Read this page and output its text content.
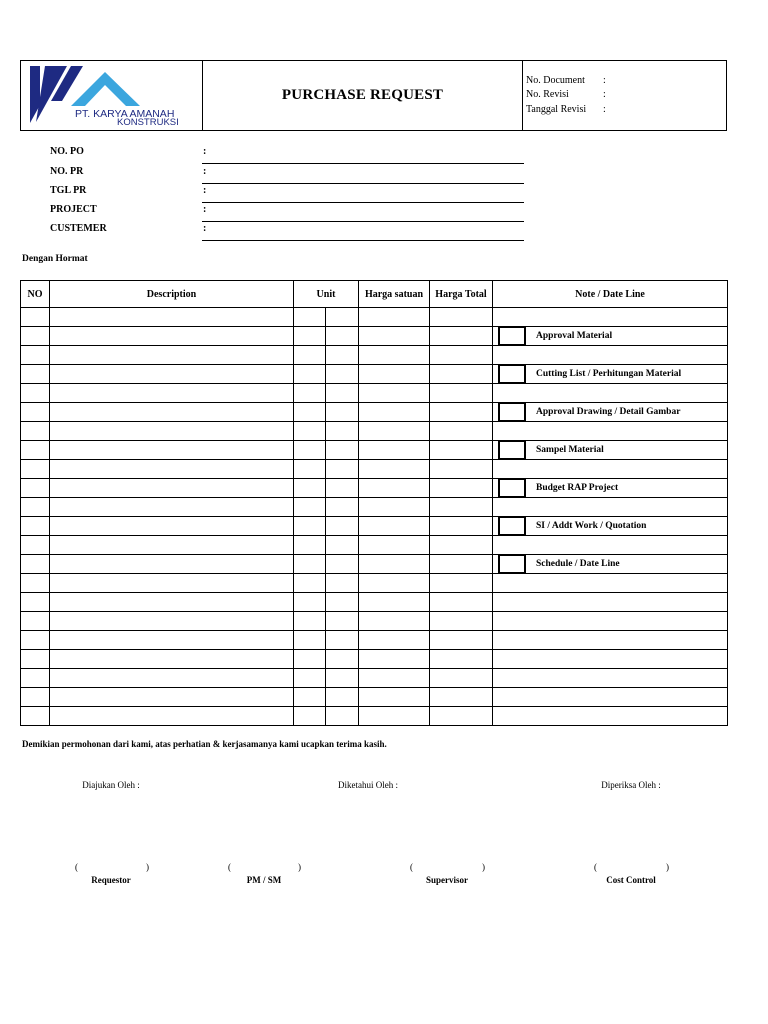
PT. KARYA AMANAH
KONSTRUKSI
PURCHASE REQUEST
No. Document :
No. Revisi	:
Tanggal Revisi :
NO. PO	:
NO. PR	:
TGL PR	:
PROJECT	:
CUSTEMER	:
Dengan Hormat
NO	Description	Unit		Harga satuan	Harga Total	Note / Date Line

						Approval Material

						Cutting List / Perhitungan Material

						Approval Drawing / Detail Gambar

						Sampel Material

						Budget RAP Project

						SI / Addt Work / Quotation

						Schedule / Date Line

Demikian permohonan dari kami, atas perhatian & kerjasamanya kami ucapkan terima kasih.
Diajukan Oleh :	Diketahui Oleh :	Diperiksa Oleh :
(	)
Requestor
(	)
PM / SM
(	)
Supervisor
(	)
Cost Control
